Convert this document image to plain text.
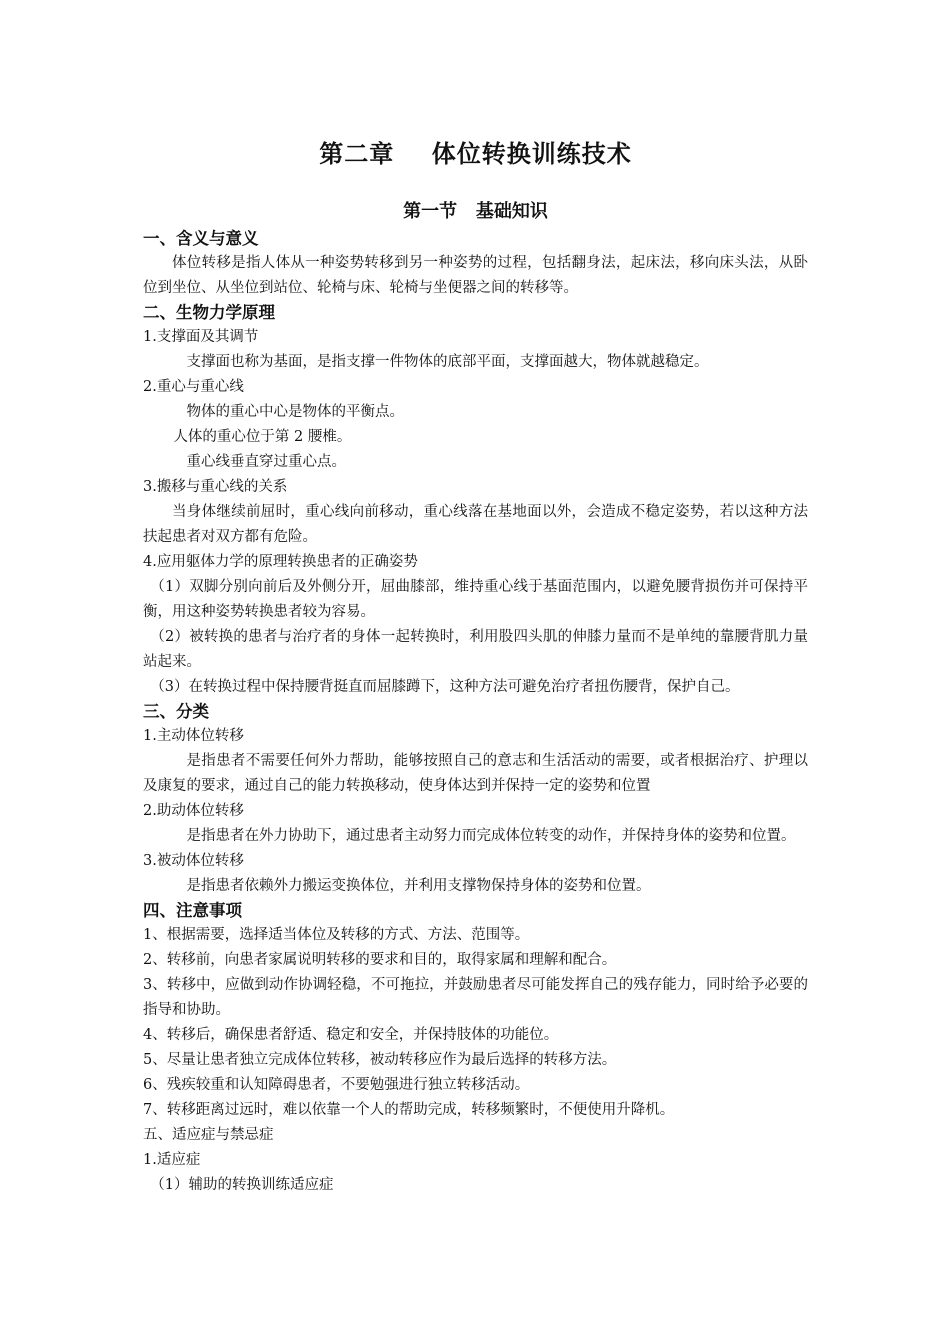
第二章    体位转换训练技术
第一节   基础知识
一、含义与意义

体位转移是指人体从一种姿势转移到另一种姿势的过程，包括翻身法，起床法，移向床头法，从卧位到坐位、从坐位到站位、轮椅与床、轮椅与坐便器之间的转移等。

二、生物力学原理

1.支撑面及其调节

支撑面也称为基面，是指支撑一件物体的底部平面，支撑面越大，物体就越稳定。

2.重心与重心线

物体的重心中心是物体的平衡点。

人体的重心位于第 2 腰椎。

重心线垂直穿过重心点。

3.搬移与重心线的关系

当身体继续前屈时，重心线向前移动，重心线落在基地面以外，会造成不稳定姿势，若以这种方法扶起患者对双方都有危险。

4.应用躯体力学的原理转换患者的正确姿势

（1）双脚分别向前后及外侧分开，屈曲膝部，维持重心线于基面范围内，以避免腰背损伤并可保持平衡，用这种姿势转换患者较为容易。

（2）被转换的患者与治疗者的身体一起转换时，利用股四头肌的伸膝力量而不是单纯的靠腰背肌力量站起来。

（3）在转换过程中保持腰背挺直而屈膝蹲下，这种方法可避免治疗者扭伤腰背，保护自己。

三、分类

1.主动体位转移

是指患者不需要任何外力帮助，能够按照自己的意志和生活活动的需要，或者根据治疗、护理以及康复的要求，通过自己的能力转换移动，使身体达到并保持一定的姿势和位置

2.助动体位转移

是指患者在外力协助下，通过患者主动努力而完成体位转变的动作，并保持身体的姿势和位置。

3.被动体位转移

是指患者依赖外力搬运变换体位，并利用支撑物保持身体的姿势和位置。

四、注意事项

1、根据需要，选择适当体位及转移的方式、方法、范围等。

2、转移前，向患者家属说明转移的要求和目的，取得家属和理解和配合。

3、转移中，应做到动作协调轻稳，不可拖拉，并鼓励患者尽可能发挥自己的残存能力，同时给予必要的指导和协助。

4、转移后，确保患者舒适、稳定和安全，并保持肢体的功能位。

5、尽量让患者独立完成体位转移，被动转移应作为最后选择的转移方法。

6、残疾较重和认知障碍患者，不要勉强进行独立转移活动。

7、转移距离过远时，难以依靠一个人的帮助完成，转移频繁时，不便使用升降机。

五、适应症与禁忌症

1.适应症

（1）辅助的转换训练适应症
